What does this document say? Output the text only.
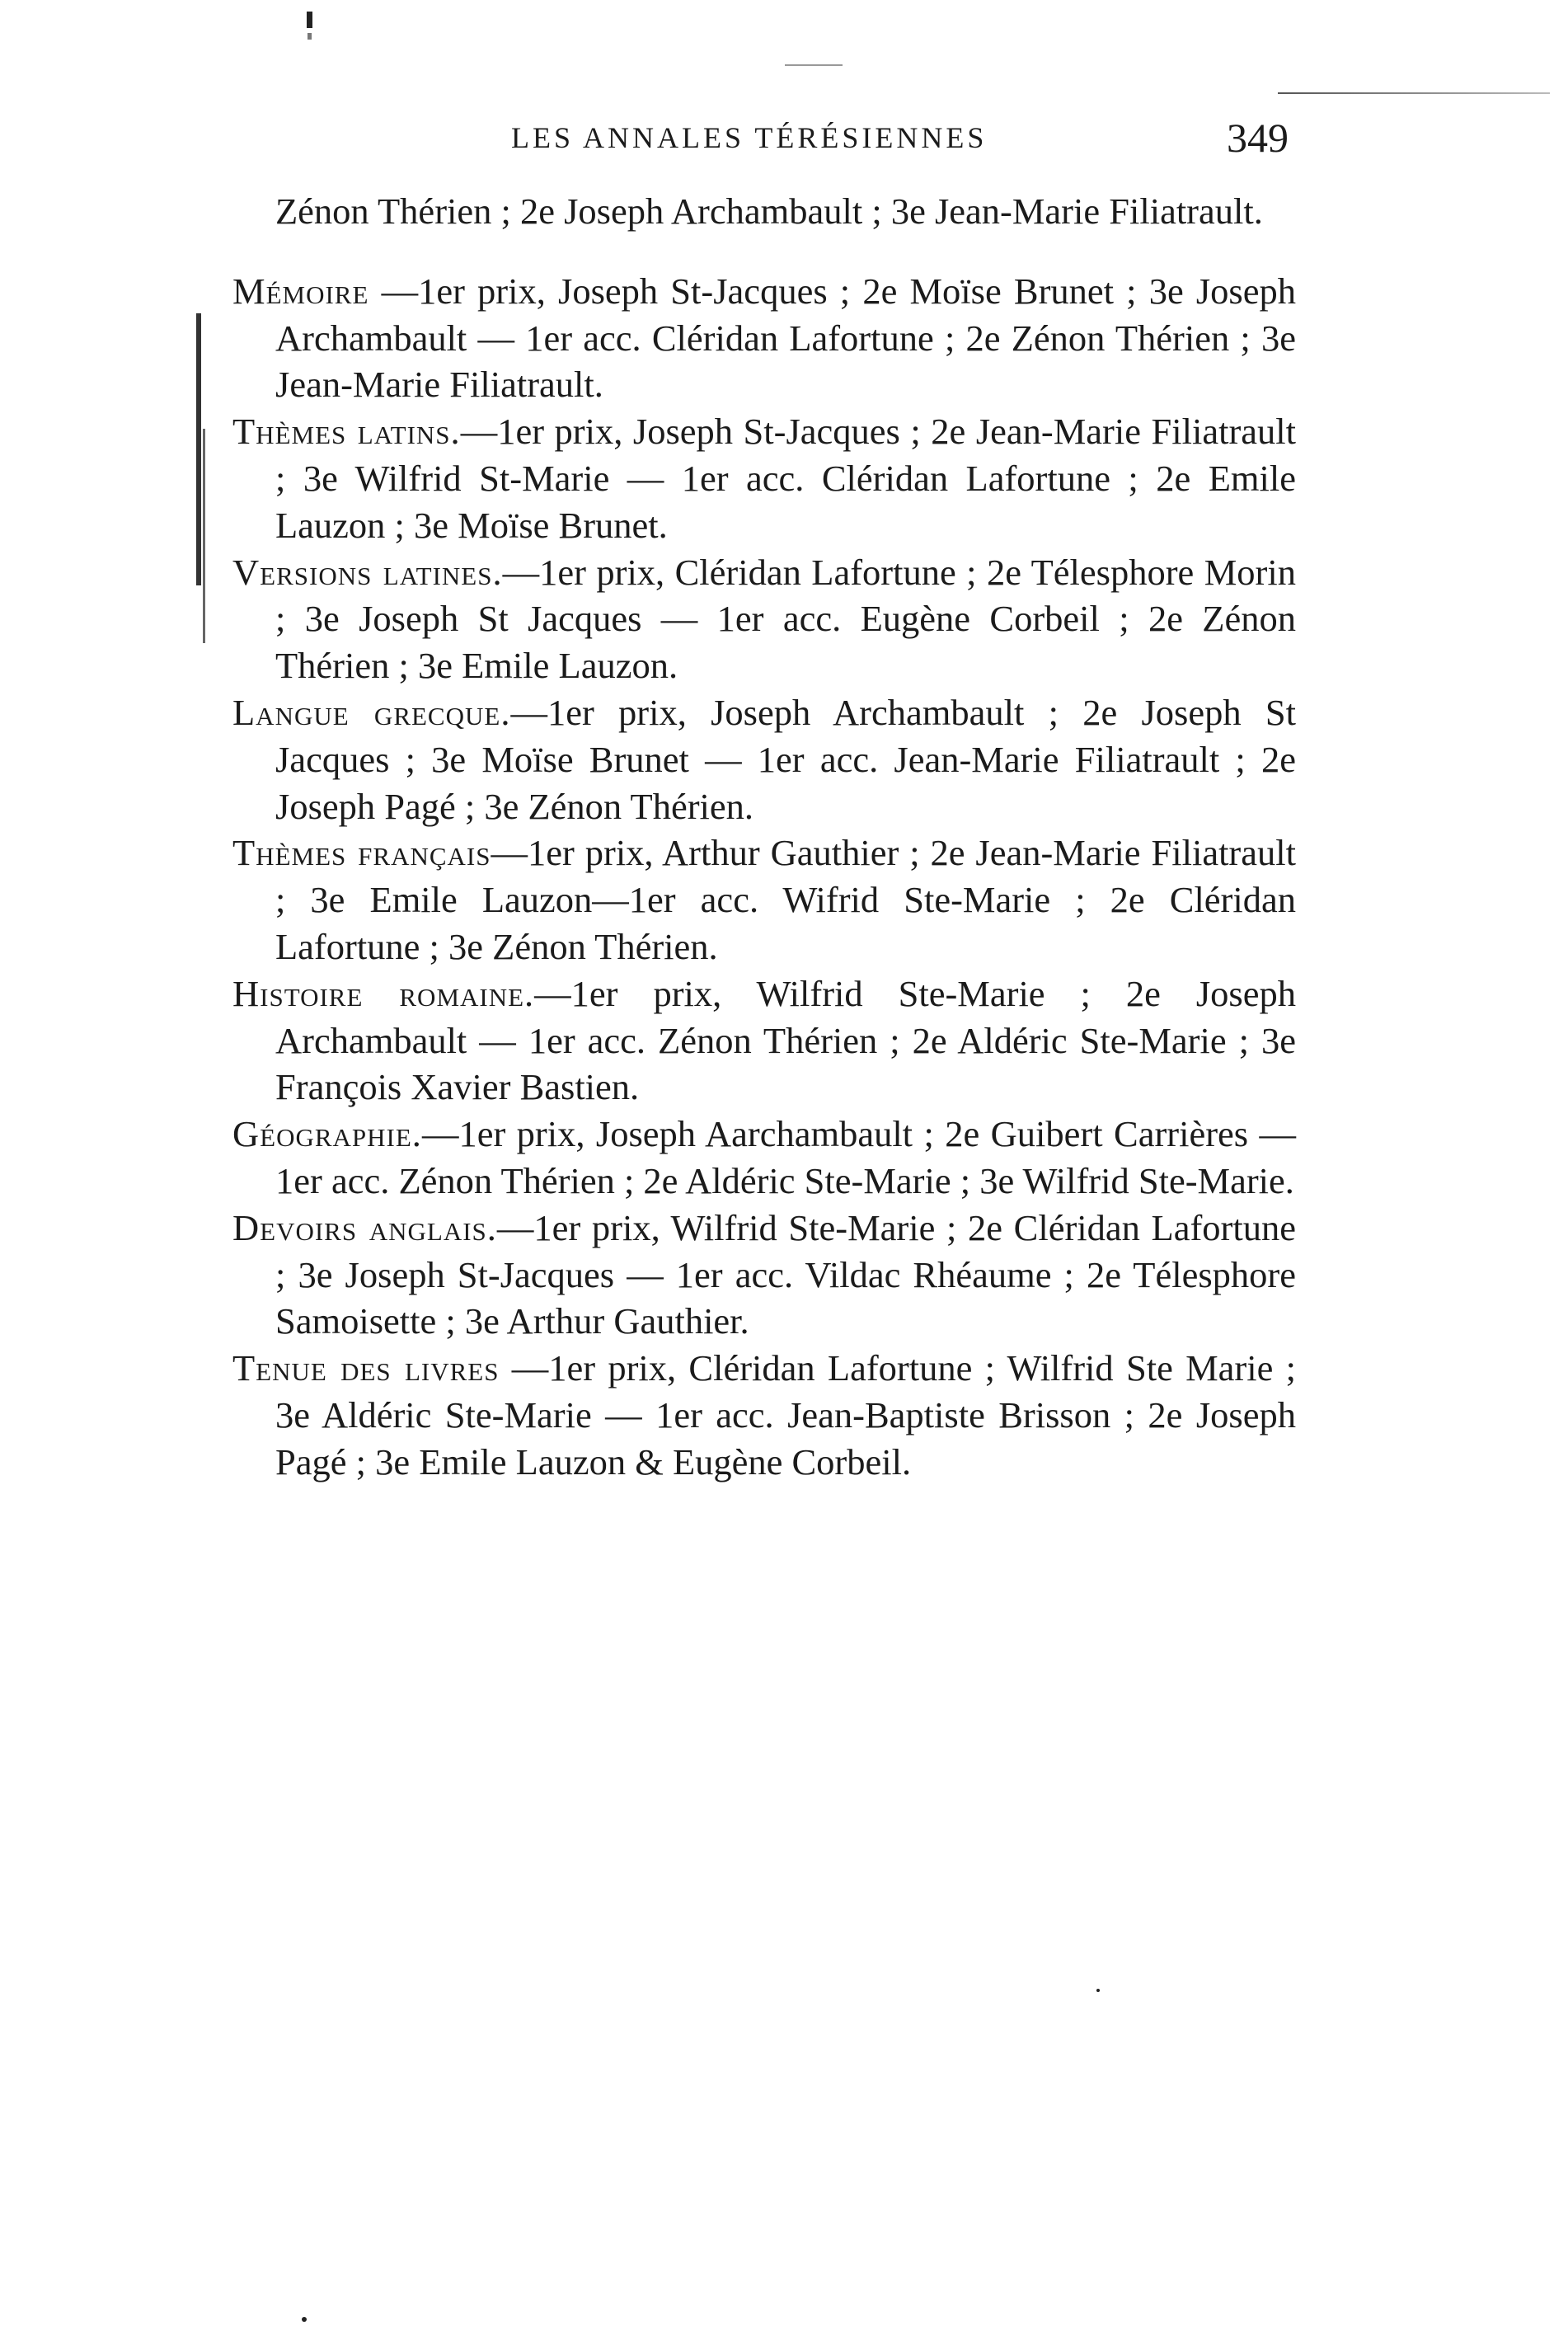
LES ANNALES TÉRÉSIENNES	349

Zénon Thérien ; 2e Joseph Archambault ; 3e Jean-Marie Filiatrault.

Mémoire —1er prix, Joseph St-Jacques ; 2e Moïse Brunet ; 3e Joseph Archambault — 1er acc. Cléridan Lafortune ; 2e Zénon Thérien ; 3e Jean-Marie Filiatrault.

Thèmes latins.—1er prix, Joseph St-Jacques ; 2e Jean-Marie Filiatrault ; 3e Wilfrid St-Marie — 1er acc. Cléridan Lafortune ; 2e Emile Lauzon ; 3e Moïse Brunet.

Versions latines.—1er prix, Cléridan Lafortune ; 2e Télesphore Morin ; 3e Joseph St Jacques — 1er acc. Eugène Corbeil ; 2e Zénon Thérien ; 3e Emile Lauzon.

Langue grecque.—1er prix, Joseph Archambault ; 2e Joseph St Jacques ; 3e Moïse Brunet — 1er acc. Jean-Marie Filiatrault ; 2e Joseph Pagé ; 3e Zénon Thérien.

Thèmes français—1er prix, Arthur Gauthier ; 2e Jean-Marie Filiatrault ; 3e Emile Lauzon—1er acc. Wifrid Ste-Marie ; 2e Cléridan Lafortune ; 3e Zénon Thérien.

Histoire romaine.—1er prix, Wilfrid Ste-Marie ; 2e Joseph Archambault — 1er acc. Zénon Thérien ; 2e Aldéric Ste-Marie ; 3e François Xavier Bastien.

Géographie.—1er prix, Joseph Aarchambault ; 2e Guibert Carrières — 1er acc. Zénon Thérien ; 2e Aldéric Ste-Marie ; 3e Wilfrid Ste-Marie.

Devoirs anglais.—1er prix, Wilfrid Ste-Marie ; 2e Cléridan Lafortune ; 3e Joseph St-Jacques — 1er acc. Vildac Rhéaume ; 2e Télesphore Samoisette ; 3e Arthur Gauthier.

Tenue des livres —1er prix, Cléridan Lafortune ; Wilfrid Ste Marie ; 3e Aldéric Ste-Marie — 1er acc. Jean-Baptiste Brisson ; 2e Joseph Pagé ; 3e Emile Lauzon & Eugène Corbeil.
